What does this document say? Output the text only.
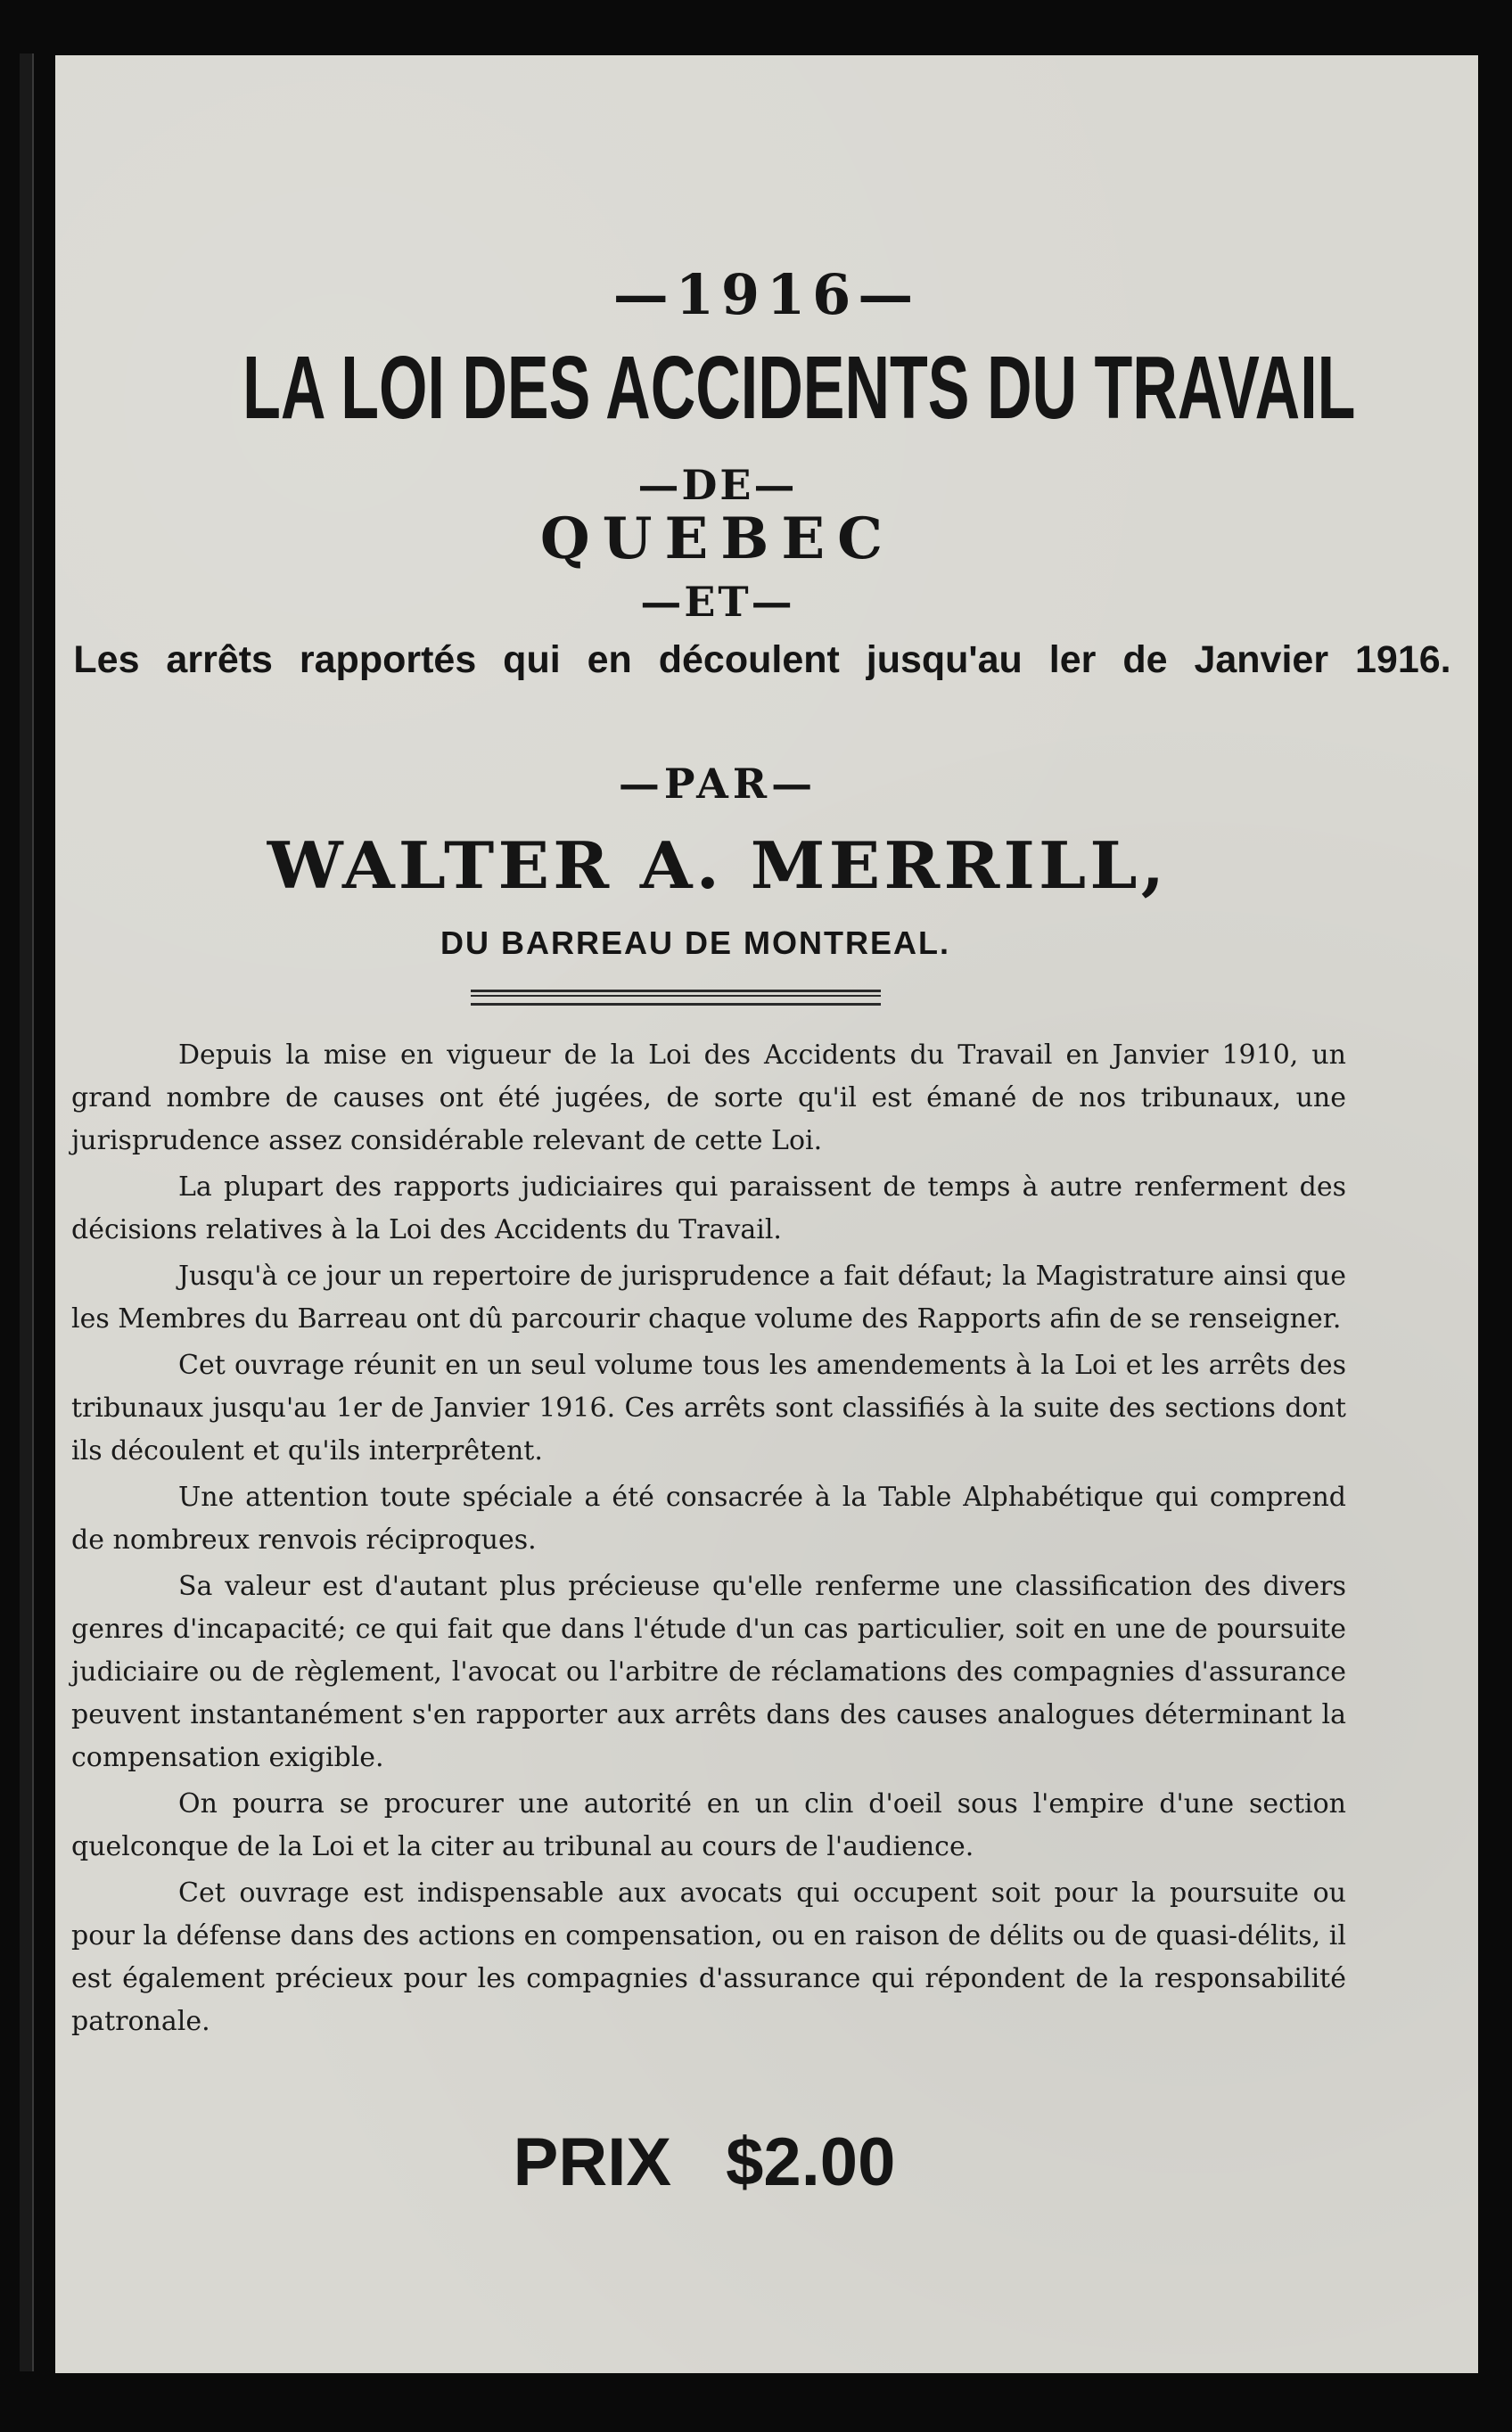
—1916—
LA LOI DES ACCIDENTS DU TRAVAIL
—DE—
QUEBEC
—ET—
Les arrêts rapportés qui en découlent jusqu'au ler de Janvier 1916.
—PAR—
WALTER A. MERRILL,
DU BARREAU DE MONTREAL.

Depuis la mise en vigueur de la Loi des Accidents du Travail en Janvier 1910, un grand nombre de causes ont été jugées, de sorte qu'il est émané de nos tribunaux, une jurisprudence assez considérable relevant de cette Loi.

La plupart des rapports judiciaires qui paraissent de temps à autre renferment des décisions relatives à la Loi des Accidents du Travail.

Jusqu'à ce jour un repertoire de jurisprudence a fait défaut; la Magistrature ainsi que les Membres du Barreau ont dû parcourir chaque volume des Rapports afin de se renseigner.

Cet ouvrage réunit en un seul volume tous les amendements à la Loi et les arrêts des tribunaux jusqu'au 1er de Janvier 1916. Ces arrêts sont classifiés à la suite des sections dont ils découlent et qu'ils interprêtent.

Une attention toute spéciale a été consacrée à la Table Alphabétique qui comprend de nombreux renvois réciproques.

Sa valeur est d'autant plus précieuse qu'elle renferme une classification des divers genres d'incapacité; ce qui fait que dans l'étude d'un cas particulier, soit en une de poursuite judiciaire ou de règlement, l'avocat ou l'arbitre de réclamations des compagnies d'assurance peuvent instantanément s'en rapporter aux arrêts dans des causes analogues déterminant la compensation exigible.

On pourra se procurer une autorité en un clin d'oeil sous l'empire d'une section quelconque de la Loi et la citer au tribunal au cours de l'audience.

Cet ouvrage est indispensable aux avocats qui occupent soit pour la poursuite ou pour la défense dans des actions en compensation, ou en raison de délits ou de quasi-délits, il est également précieux pour les compagnies d'assurance qui répondent de la responsabilité patronale.

PRIX $2.00
